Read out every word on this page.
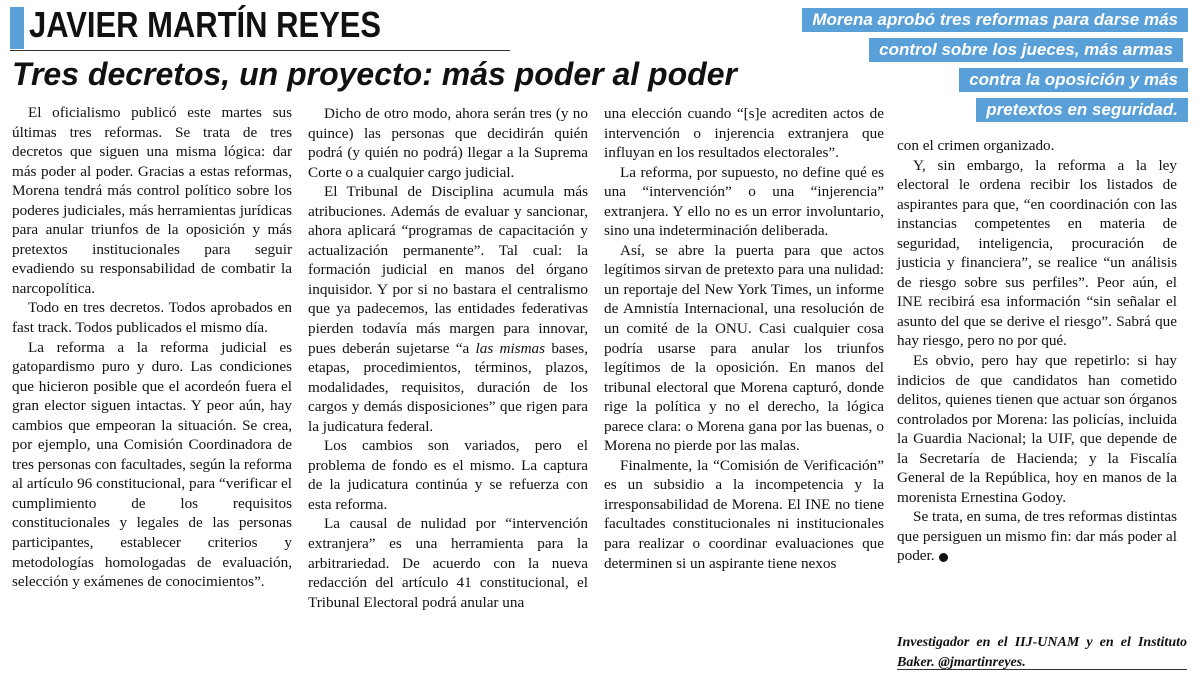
JAVIER MARTÍN REYES
Tres decretos, un proyecto: más poder al poder
Morena aprobó tres reformas para darse más
control sobre los jueces, más armas
contra la oposición y más
pretextos en seguridad.

El oficialismo publicó este martes sus últimas tres reformas. Se trata de tres decretos que siguen una misma lógica: dar más poder al poder. Gracias a estas reformas, Morena tendrá más control político sobre los poderes judiciales, más herramientas jurídicas para anular triunfos de la oposición y más pretextos institucionales para seguir evadiendo su responsabilidad de combatir la narcopolítica.

Todo en tres decretos. Todos aprobados en fast track. Todos publicados el mismo día.

La reforma a la reforma judicial es gatopardismo puro y duro. Las condiciones que hicieron posible que el acordeón fuera el gran elector siguen intactas. Y peor aún, hay cambios que empeoran la situación. Se crea, por ejemplo, una Comisión Coordinadora de tres personas con facultades, según la reforma al artículo 96 constitucional, para “verificar el cumplimiento de los requisitos constitucionales y legales de las personas participantes, establecer criterios y metodologías homologadas de evaluación, selección y exámenes de conocimientos”.

Dicho de otro modo, ahora serán tres (y no quince) las personas que decidirán quién podrá (y quién no podrá) llegar a la Suprema Corte o a cualquier cargo judicial.

El Tribunal de Disciplina acumula más atribuciones. Además de evaluar y sancionar, ahora aplicará “programas de capacitación y actualización permanente”. Tal cual: la formación judicial en manos del órgano inquisidor. Y por si no bastara el centralismo que ya padecemos, las entidades federativas pierden todavía más margen para innovar, pues deberán sujetarse “a las mismas bases, etapas, procedimientos, términos, plazos, modalidades, requisitos, duración de los cargos y demás disposiciones” que rigen para la judicatura federal.

Los cambios son variados, pero el problema de fondo es el mismo. La captura de la judicatura continúa y se refuerza con esta reforma.

La causal de nulidad por “intervención extranjera” es una herramienta para la arbitrariedad. De acuerdo con la nueva redacción del artículo 41 constitucional, el Tribunal Electoral podrá anular una

una elección cuando “[s]e acrediten actos de intervención o injerencia extranjera que influyan en los resultados electorales”.

La reforma, por supuesto, no define qué es una “intervención” o una “injerencia” extranjera. Y ello no es un error involuntario, sino una indeterminación deliberada.

Así, se abre la puerta para que actos legítimos sirvan de pretexto para una nulidad: un reportaje del New York Times, un informe de Amnistía Internacional, una resolución de un comité de la ONU. Casi cualquier cosa podría usarse para anular los triunfos legítimos de la oposición. En manos del tribunal electoral que Morena capturó, donde rige la política y no el derecho, la lógica parece clara: o Morena gana por las buenas, o Morena no pierde por las malas.

Finalmente, la “Comisión de Verificación” es un subsidio a la incompetencia y la irresponsabilidad de Morena. El INE no tiene facultades constitucionales ni institucionales para realizar o coordinar evaluaciones que determinen si un aspirante tiene nexos

con el crimen organizado.

Y, sin embargo, la reforma a la ley electoral le ordena recibir los listados de aspirantes para que, “en coordinación con las instancias competentes en materia de seguridad, inteligencia, procuración de justicia y financiera”, se realice “un análisis de riesgo sobre sus perfiles”. Peor aún, el INE recibirá esa información “sin señalar el asunto del que se derive el riesgo”. Sabrá que hay riesgo, pero no por qué.

Es obvio, pero hay que repetirlo: si hay indicios de que candidatos han cometido delitos, quienes tienen que actuar son órganos controlados por Morena: las policías, incluida la Guardia Nacional; la UIF, que depende de la Secretaría de Hacienda; y la Fiscalía General de la República, hoy en manos de la morenista Ernestina Godoy.

Se trata, en suma, de tres reformas distintas que persiguen un mismo fin: dar más poder al poder.

Investigador en el IIJ-UNAM y en el Instituto Baker. @jmartinreyes.
